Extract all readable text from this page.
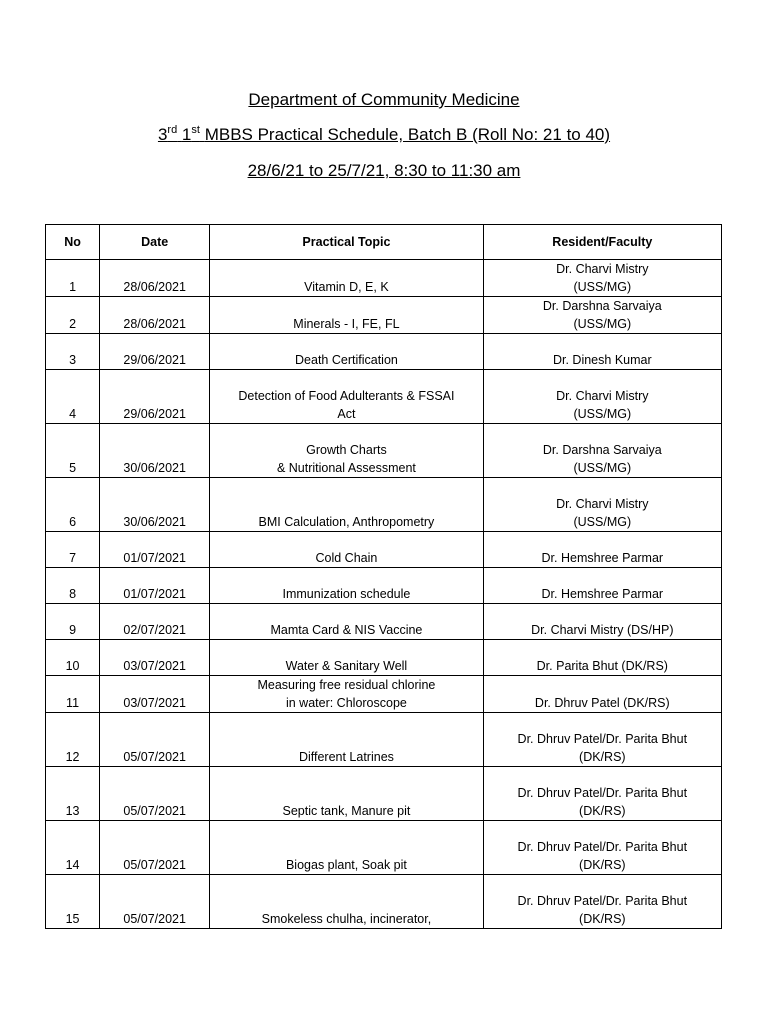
Department of Community Medicine
3rd 1st MBBS Practical Schedule, Batch B (Roll No: 21 to 40)
28/6/21 to 25/7/21, 8:30 to 11:30 am
No	Date	Practical Topic	Resident/Faculty

1	28/06/2021	Vitamin D, E, K	Dr. Charvi Mistry
(USS/MG)

2	28/06/2021	Minerals - I, FE, FL	Dr. Darshna Sarvaiya
(USS/MG)

3	29/06/2021	Death Certification	Dr. Dinesh Kumar

4	29/06/2021	Detection of Food Adulterants & FSSAI
Act	Dr. Charvi Mistry
(USS/MG)

5	30/06/2021	Growth Charts
& Nutritional Assessment	Dr. Darshna Sarvaiya
(USS/MG)

6	30/06/2021	BMI Calculation, Anthropometry	Dr. Charvi Mistry
(USS/MG)

7	01/07/2021	Cold Chain	Dr. Hemshree Parmar

8	01/07/2021	Immunization schedule	Dr. Hemshree Parmar

9	02/07/2021	Mamta Card & NIS Vaccine	Dr. Charvi Mistry (DS/HP)

10	03/07/2021	Water & Sanitary Well	Dr. Parita Bhut (DK/RS)

11	03/07/2021	Measuring free residual chlorine
in water: Chloroscope	Dr. Dhruv Patel (DK/RS)

12	05/07/2021	Different Latrines	Dr. Dhruv Patel/Dr. Parita Bhut
(DK/RS)

13	05/07/2021	Septic tank, Manure pit	Dr. Dhruv Patel/Dr. Parita Bhut
(DK/RS)

14	05/07/2021	Biogas plant, Soak pit	Dr. Dhruv Patel/Dr. Parita Bhut
(DK/RS)

15	05/07/2021	Smokeless chulha, incinerator,	Dr. Dhruv Patel/Dr. Parita Bhut
(DK/RS)
